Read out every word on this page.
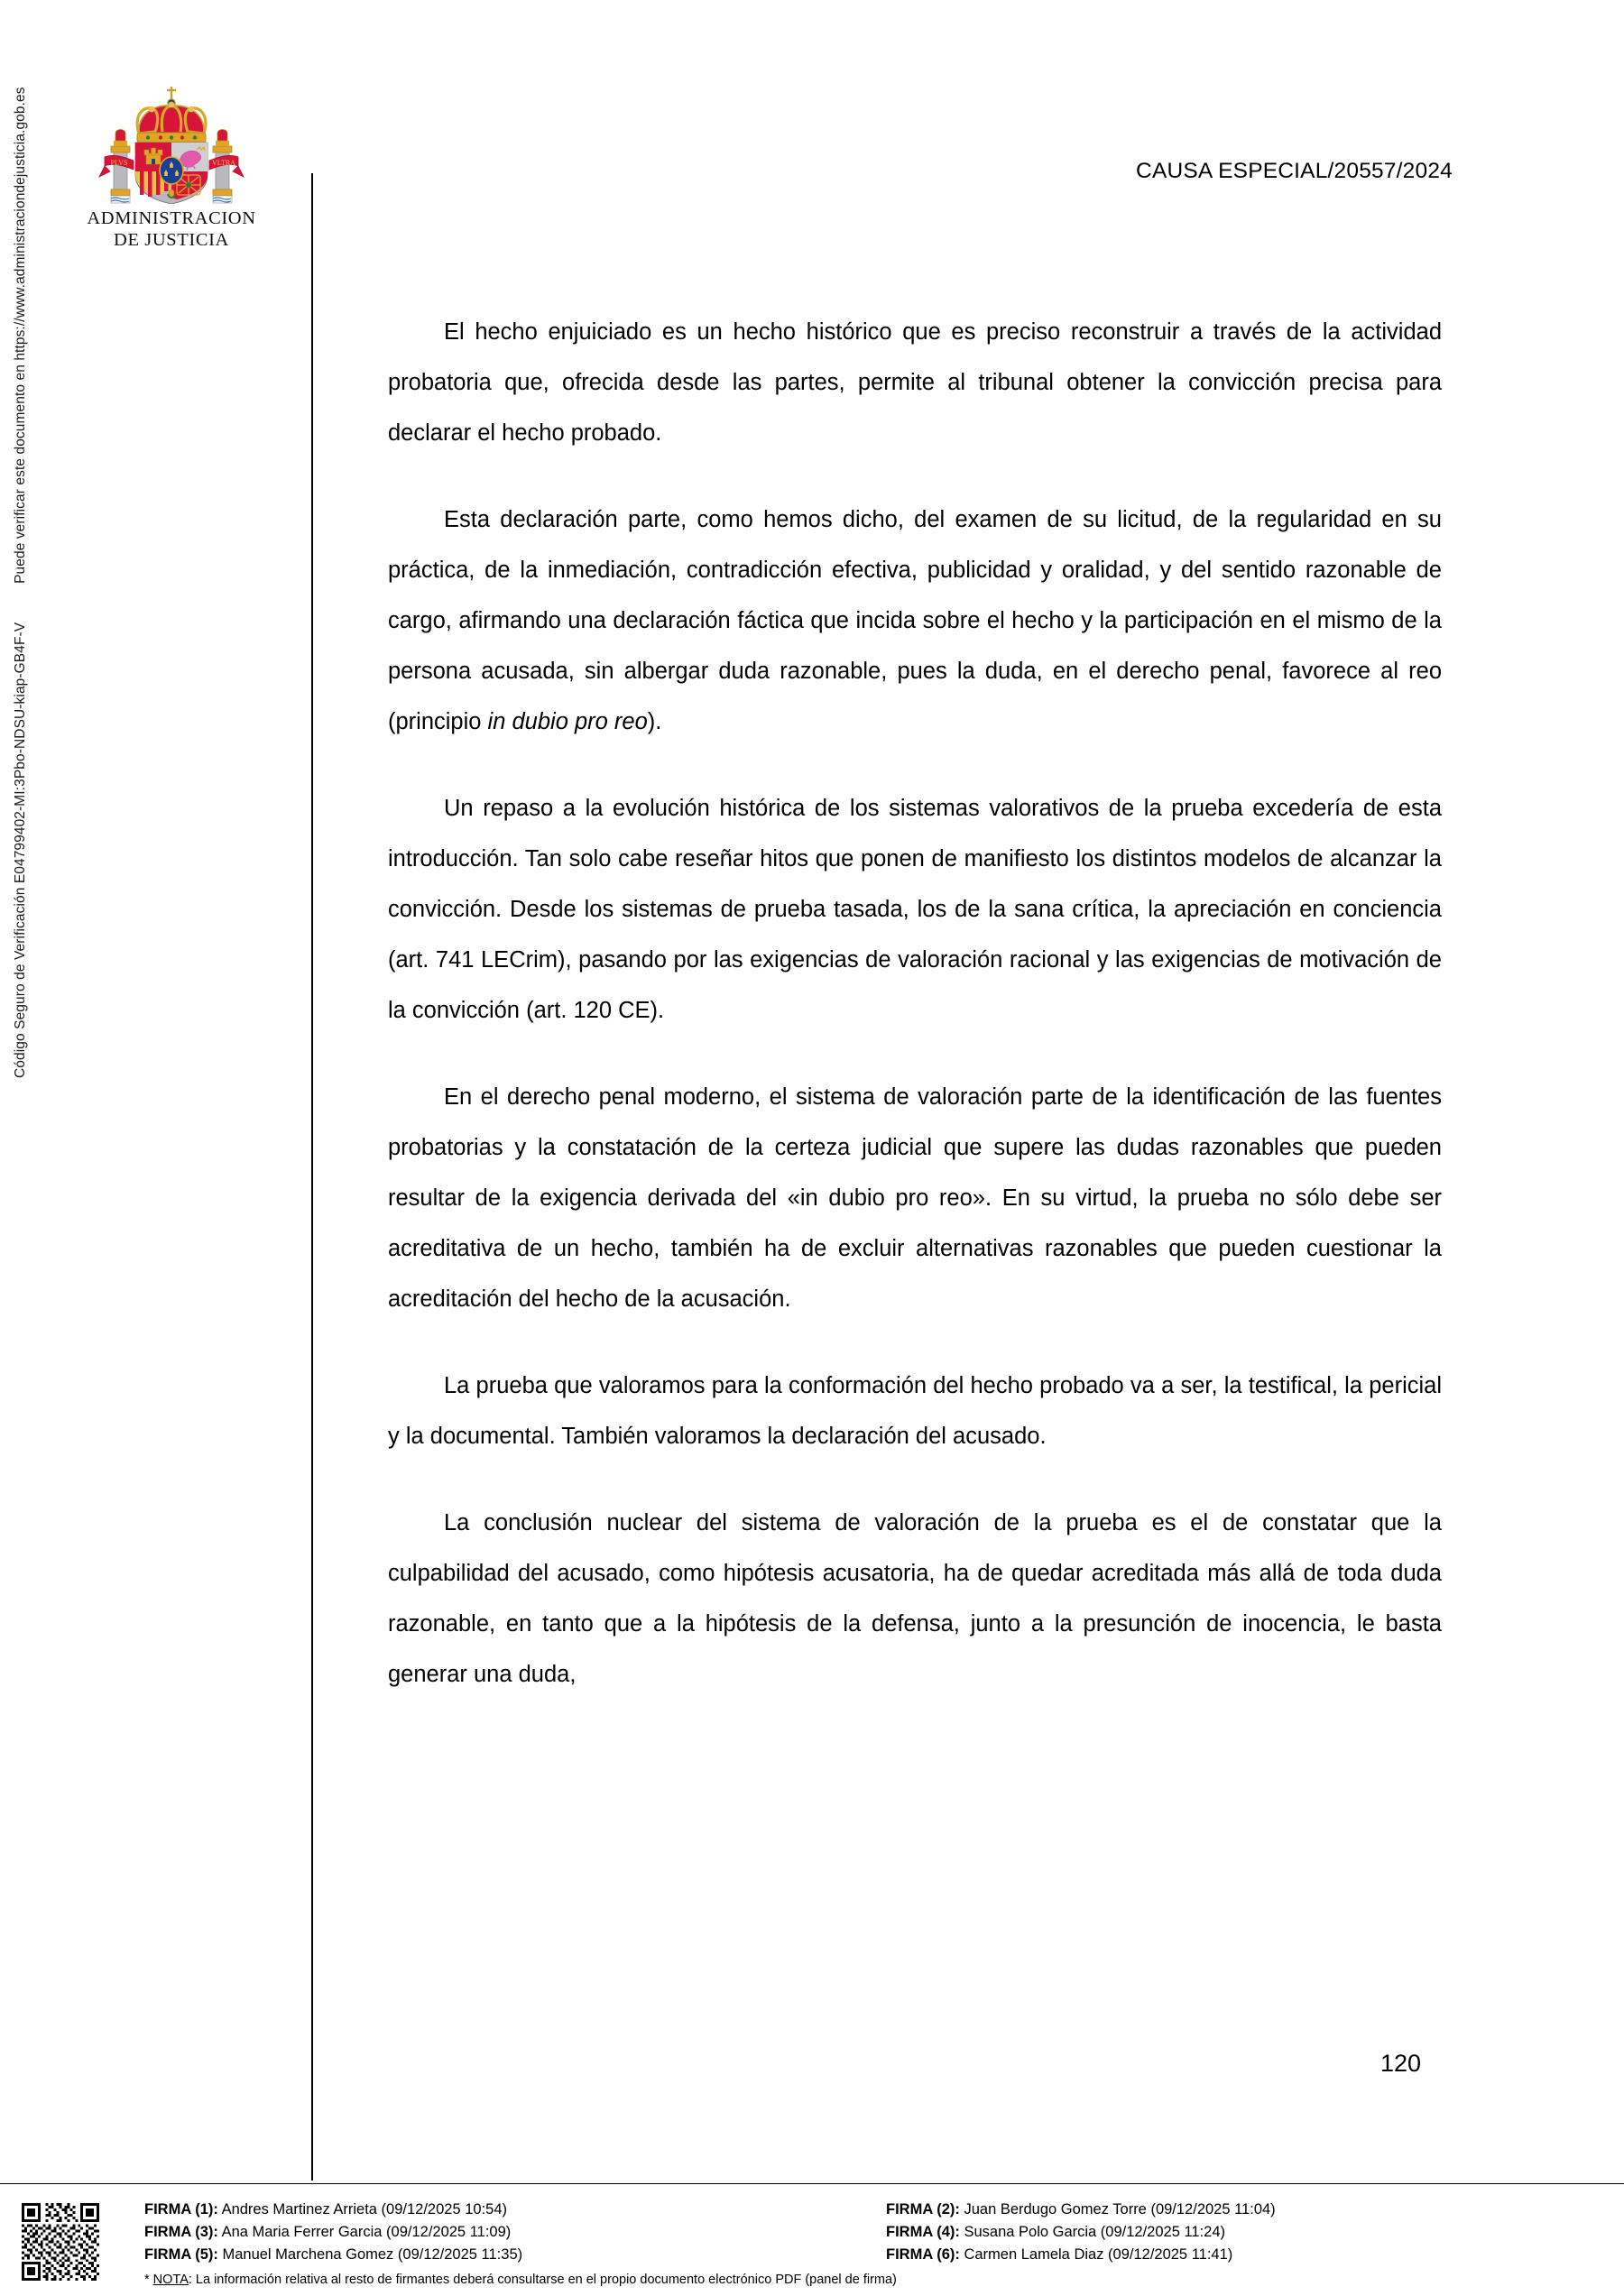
Código Seguro de Verificación E04799402-MI:3Pbo-NDSU-kiap-GB4F-V  Puede verificar este documento en https://www.administraciondejusticia.gob.es	PLVS	VLTRA
ADMINISTRACION
DE JUSTICIA
CAUSA ESPECIAL/20557/2024

El hecho enjuiciado es un hecho histórico que es preciso reconstruir a través de la actividad probatoria que, ofrecida desde las partes, permite al tribunal obtener la convicción precisa para declarar el hecho probado.

Esta declaración parte, como hemos dicho, del examen de su licitud, de la regularidad en su práctica, de la inmediación, contradicción efectiva, publicidad y oralidad, y del sentido razonable de cargo, afirmando una declaración fáctica que incida sobre el hecho y la participación en el mismo de la persona acusada, sin albergar duda razonable, pues la duda, en el derecho penal, favorece al reo (principio in dubio pro reo).

Un repaso a la evolución histórica de los sistemas valorativos de la prueba excedería de esta introducción. Tan solo cabe reseñar hitos que ponen de manifiesto los distintos modelos de alcanzar la convicción. Desde los sistemas de prueba tasada, los de la sana crítica, la apreciación en conciencia (art. 741 LECrim), pasando por las exigencias de valoración racional y las exigencias de motivación de la convicción (art. 120 CE).

En el derecho penal moderno, el sistema de valoración parte de la identificación de las fuentes probatorias y la constatación de la certeza judicial que supere las dudas razonables que pueden resultar de la exigencia derivada del «in dubio pro reo». En su virtud, la prueba no sólo debe ser acreditativa de un hecho, también ha de excluir alternativas razonables que pueden cuestionar la acreditación del hecho de la acusación.

La prueba que valoramos para la conformación del hecho probado va a ser, la testifical, la pericial y la documental. También valoramos la declaración del acusado.

La conclusión nuclear del sistema de valoración de la prueba es el de constatar que la culpabilidad del acusado, como hipótesis acusatoria, ha de quedar acreditada más allá de toda duda razonable, en tanto que a la hipótesis de la defensa, junto a la presunción de inocencia, le basta generar una duda,

120
FIRMA (1): Andres Martinez Arrieta (09/12/2025 10:54)	FIRMA (2): Juan Berdugo Gomez Torre (09/12/2025 11:04)
FIRMA (3): Ana Maria Ferrer Garcia (09/12/2025 11:09)	FIRMA (4): Susana Polo Garcia (09/12/2025 11:24)
FIRMA (5): Manuel Marchena Gomez (09/12/2025 11:35)	FIRMA (6): Carmen Lamela Diaz (09/12/2025 11:41)
* NOTA: La información relativa al resto de firmantes deberá consultarse en el propio documento electrónico PDF (panel de firma)
